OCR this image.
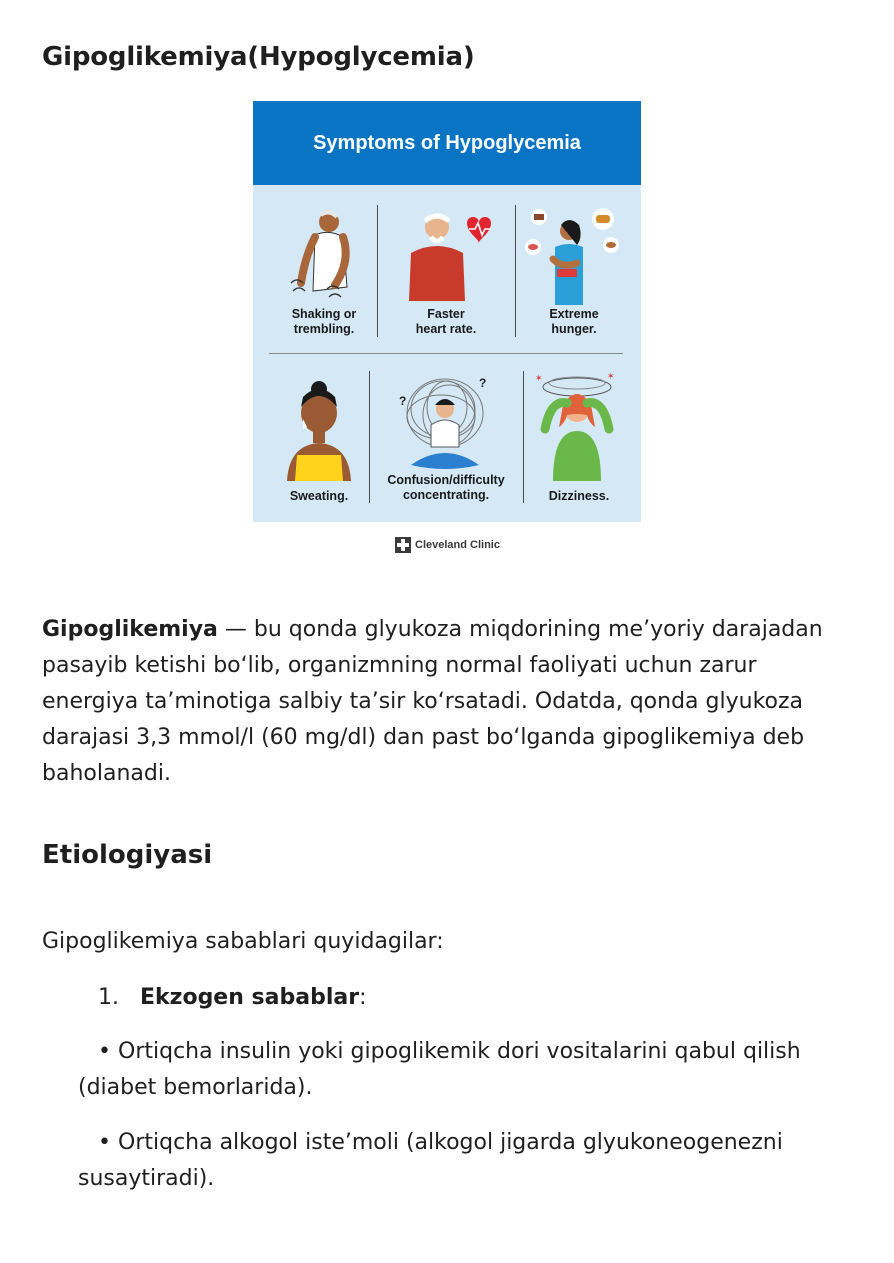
Gipoglikemiya(Hypoglycemia)
Symptoms of Hypoglycemia
Shaking or
trembling.
Faster
heart rate.
Extreme
hunger.
Sweating.
?
?
Confusion/difficulty
concentrating.
✶	✶
Dizziness.
Cleveland Clinic

Gipoglikemiya — bu qonda glyukoza miqdorining me’yoriy darajadan pasayib ketishi bo‘lib, organizmning normal faoliyati uchun zarur energiya ta’minotiga salbiy ta’sir ko‘rsatadi. Odatda, qonda glyukoza darajasi 3,3 mmol/l (60 mg/dl) dan past bo‘lganda gipoglikemiya deb baholanadi.

Etiologiyasi

Gipoglikemiya sabablari quyidagilar:

1. Ekzogen sabablar:

• Ortiqcha insulin yoki gipoglikemik dori vositalarini qabul qilish (diabet bemorlarida).

• Ortiqcha alkogol iste’moli (alkogol jigarda glyukoneogenezni susaytiradi).
